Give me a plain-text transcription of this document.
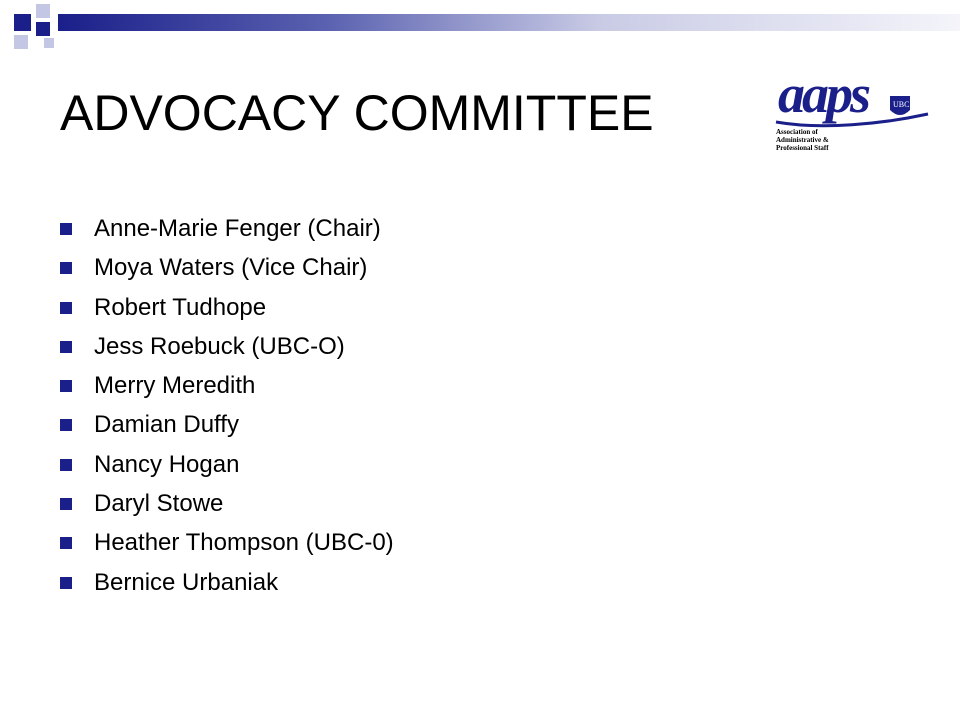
ADVOCACY COMMITTEE aaps	UBC
Association of
Administrative &
Professional Staff
Anne-Marie Fenger (Chair)
Moya Waters (Vice Chair)
Robert Tudhope
Jess Roebuck (UBC-O)
Merry Meredith
Damian Duffy
Nancy Hogan
Daryl Stowe
Heather Thompson (UBC-0)
Bernice Urbaniak
